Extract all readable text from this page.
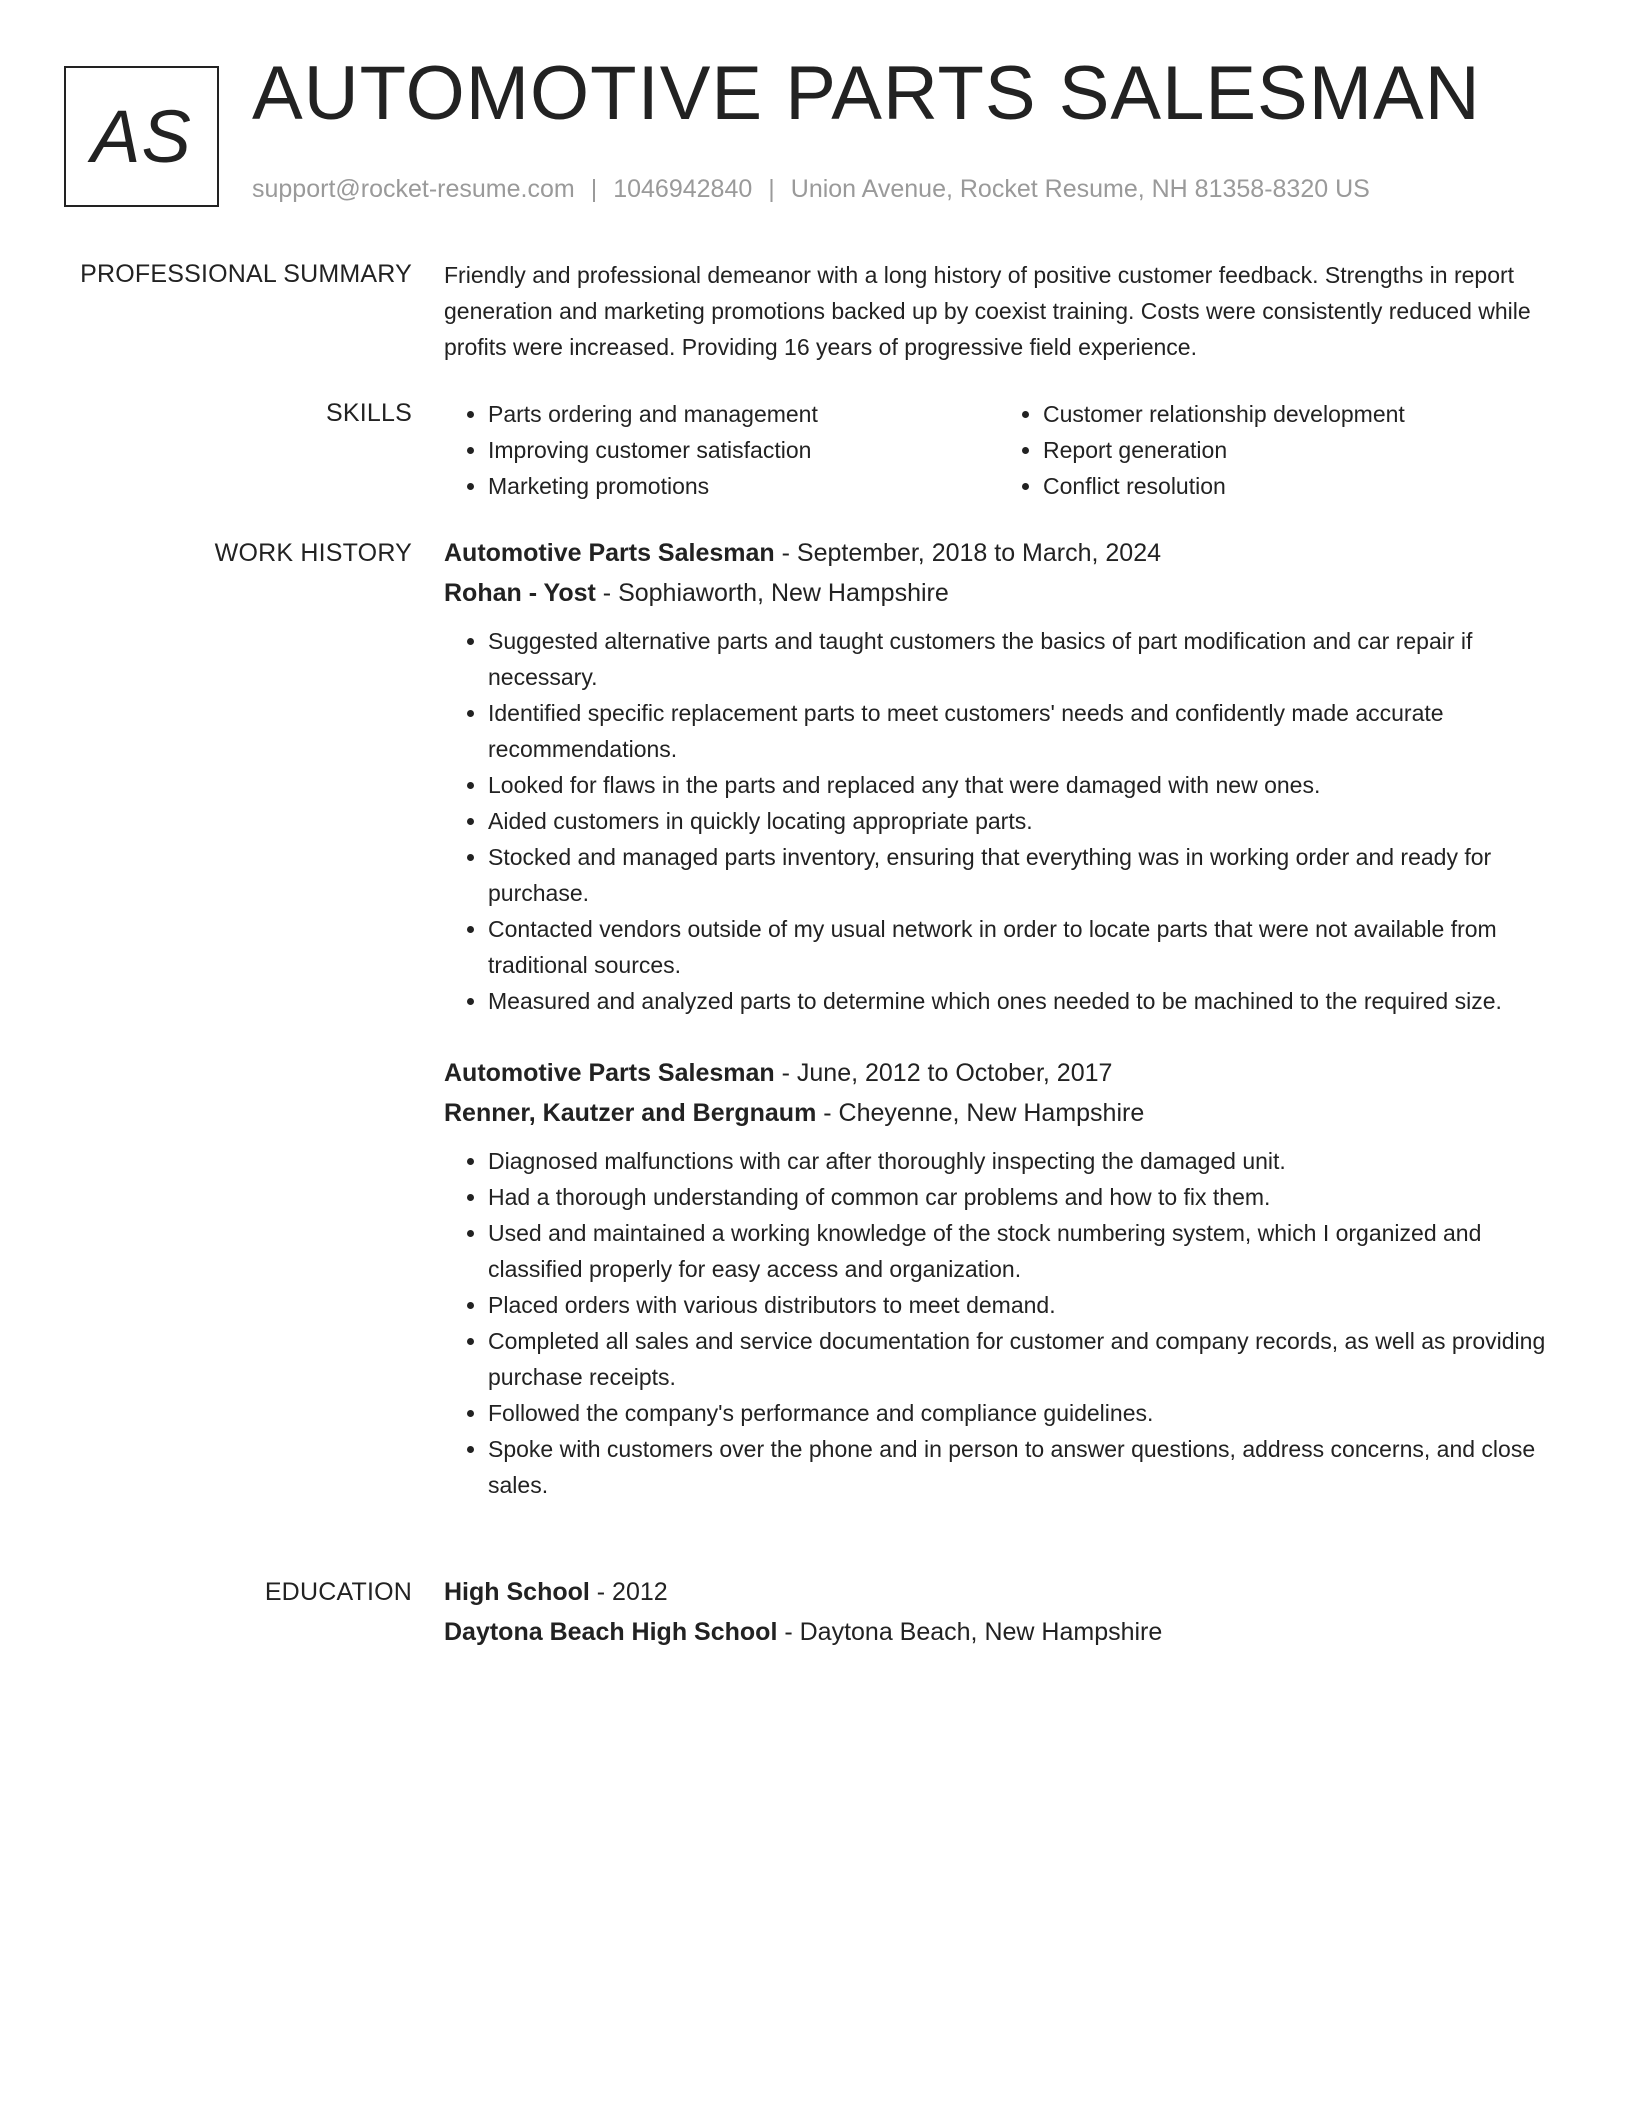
AS
AUTOMOTIVE PARTS SALESMAN
support@rocket-resume.com | 1046942840 | Union Avenue, Rocket Resume, NH 81358-8320 US
PROFESSIONAL SUMMARY Friendly and professional demeanor with a long history of positive customer feedback. Strengths in report generation and marketing promotions backed up by coexist training. Costs were consistently reduced while profits were increased. Providing 16 years of progressive field experience.

SKILLS
•	Parts ordering and management
• Improving customer satisfaction
• Marketing promotions
• Customer relationship development
• Report generation
• Conflict resolution
WORK HISTORY Automotive Parts Salesman - September, 2018 to March, 2024
Rohan - Yost - Sophiaworth, New Hampshire
• Suggested alternative parts and taught customers the basics of part modification and car repair if necessary.
• Identified specific replacement parts to meet customers' needs and confidently made accurate recommendations.
• Looked for flaws in the parts and replaced any that were damaged with new ones.
• Aided customers in quickly locating appropriate parts.
• Stocked and managed parts inventory, ensuring that everything was in working order and ready for purchase.
• Contacted vendors outside of my usual network in order to locate parts that were not available from traditional sources.
• Measured and analyzed parts to determine which ones needed to be machined to the required size.
Automotive Parts Salesman - June, 2012 to October, 2017
Renner, Kautzer and Bergnaum - Cheyenne, New Hampshire
• Diagnosed malfunctions with car after thoroughly inspecting the damaged unit.
• Had a thorough understanding of common car problems and how to fix them.
• Used and maintained a working knowledge of the stock numbering system, which I organized and classified properly for easy access and organization.
• Placed orders with various distributors to meet demand.
• Completed all sales and service documentation for customer and company records, as well as providing purchase receipts.
• Followed the company's performance and compliance guidelines.
• Spoke with customers over the phone and in person to answer questions, address concerns, and close sales.
EDUCATION High School - 2012
Daytona Beach High School - Daytona Beach, New Hampshire
